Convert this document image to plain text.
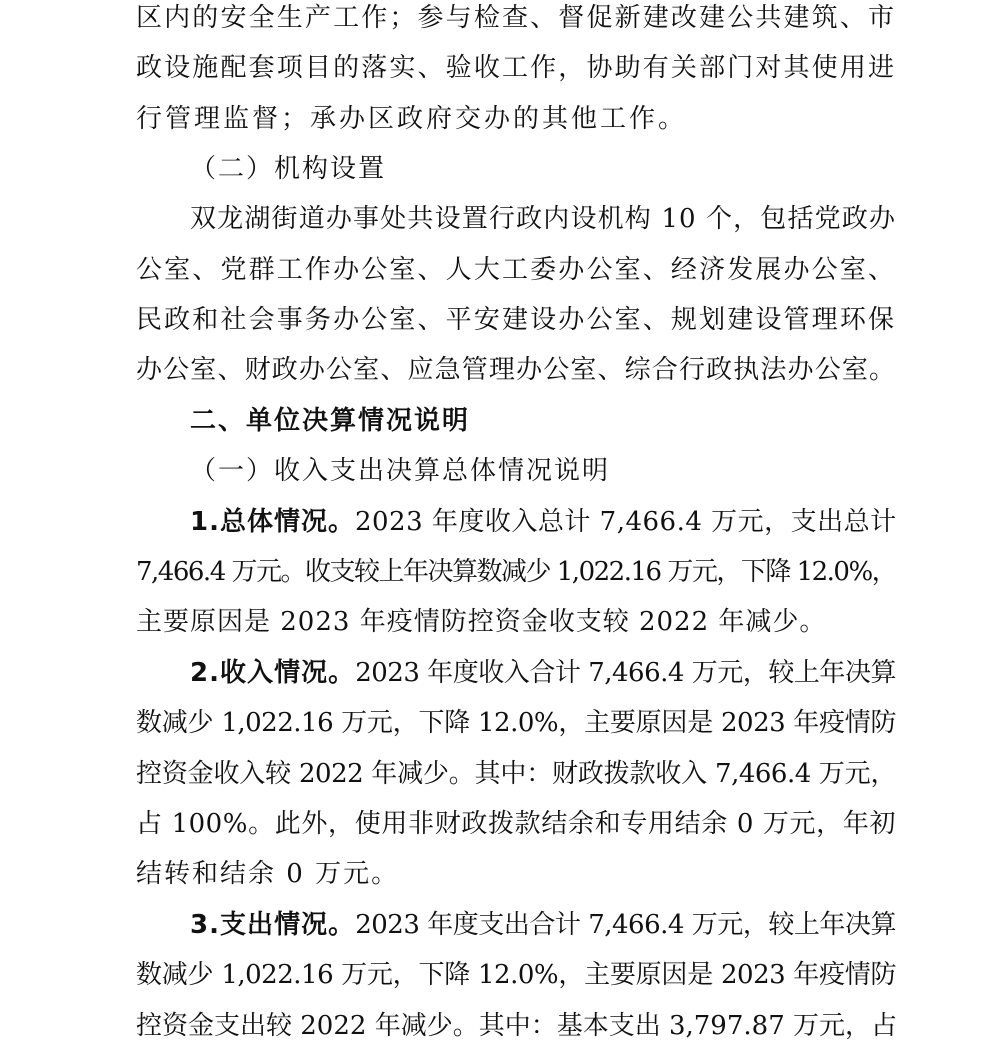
区内的安全生产工作；参与检查、督促新建改建公共建筑、市
政设施配套项目的落实、验收工作，协助有关部门对其使用进
行管理监督；承办区政府交办的其他工作。
（二）机构设置
双龙湖街道办事处共设置行政内设机构 10 个，包括党政办
公室、党群工作办公室、人大工委办公室、经济发展办公室、
民政和社会事务办公室、平安建设办公室、规划建设管理环保
办公室、财政办公室、应急管理办公室、综合行政执法办公室。
二、单位决算情况说明
（一）收入支出决算总体情况说明
1.总体情况。2023 年度收入总计 7,466.4 万元，支出总计
7,466.4 万元。收支较上年决算数减少 1,022.16 万元，下降 12.0%，
主要原因是 2023 年疫情防控资金收支较 2022 年减少。
2.收入情况。2023 年度收入合计 7,466.4 万元，较上年决算
数减少 1,022.16 万元，下降 12.0%，主要原因是 2023 年疫情防
控资金收入较 2022 年减少。其中：财政拨款收入 7,466.4 万元，
占 100%。此外，使用非财政拨款结余和专用结余 0 万元，年初
结转和结余 0 万元。
3.支出情况。2023 年度支出合计 7,466.4 万元，较上年决算
数减少 1,022.16 万元，下降 12.0%，主要原因是 2023 年疫情防
控资金支出较 2022 年减少。其中：基本支出 3,797.87 万元，占
